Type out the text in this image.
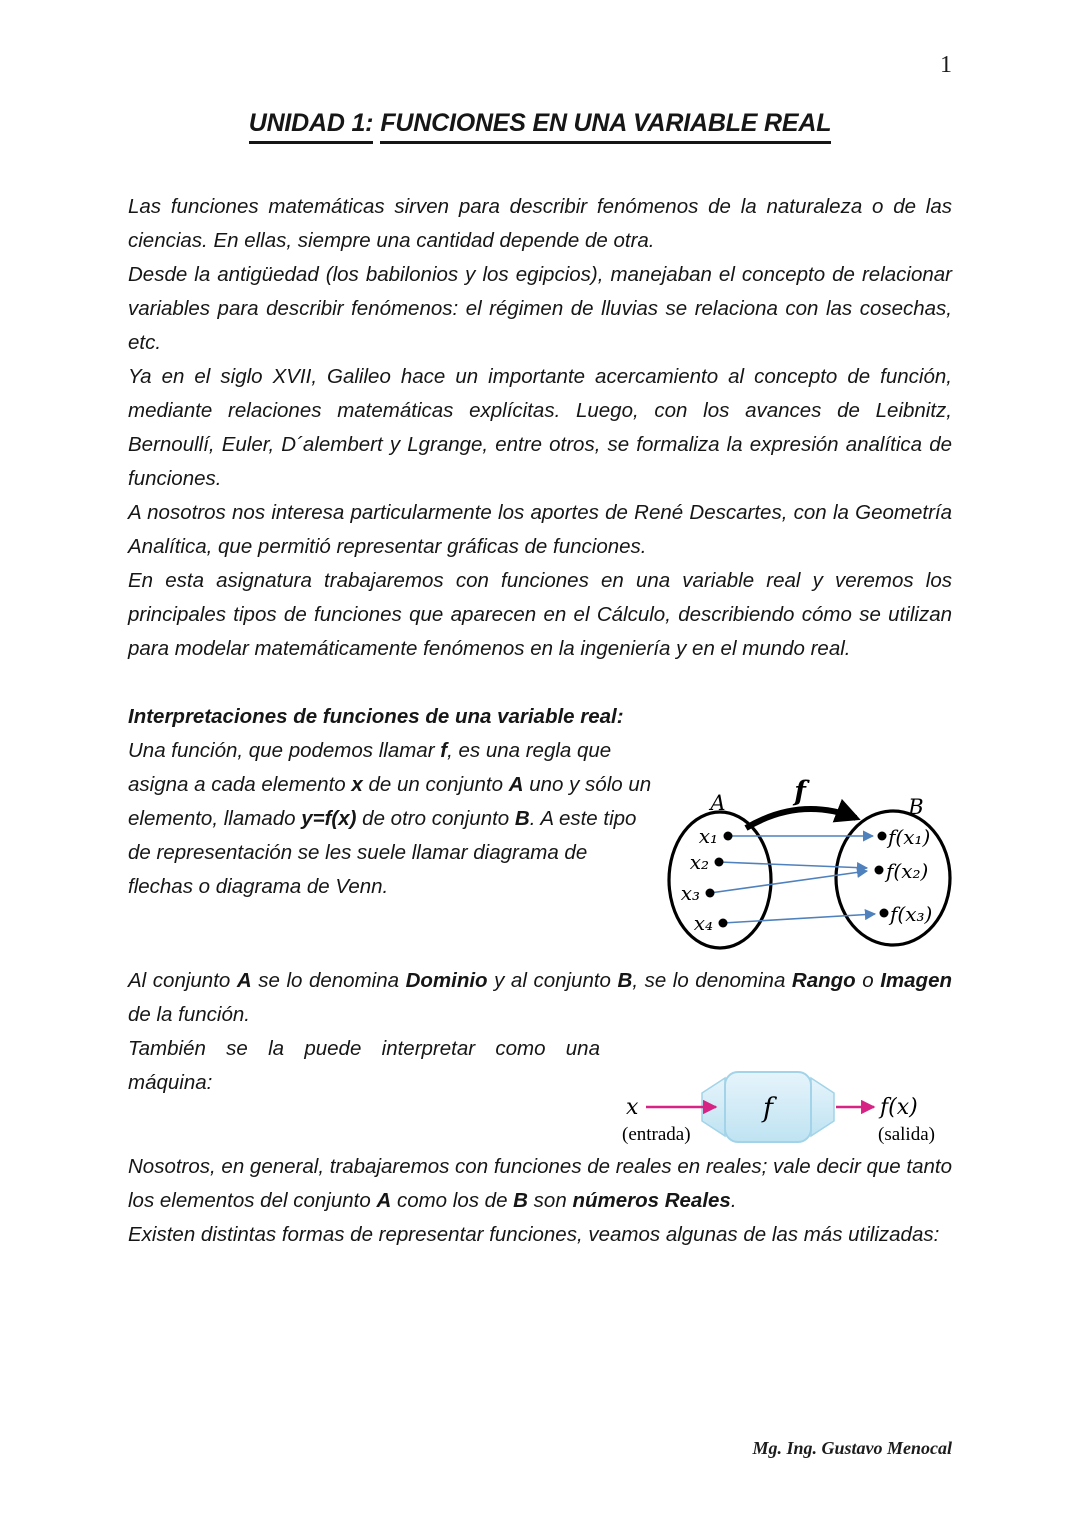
1
UNIDAD 1: FUNCIONES EN UNA VARIABLE REAL

Las funciones matemáticas sirven para describir fenómenos de la naturaleza o de las ciencias. En ellas, siempre una cantidad depende de otra.

Desde la antigüedad (los babilonios y los egipcios), manejaban el concepto de relacionar variables para describir fenómenos: el régimen de lluvias se relaciona con las cosechas, etc.

Ya en el siglo XVII, Galileo hace un importante acercamiento al concepto de función, mediante relaciones matemáticas explícitas. Luego, con los avances de Leibnitz, Bernoullí, Euler, D´alembert y Lgrange, entre otros, se formaliza la expresión analítica de funciones.

A nosotros nos interesa particularmente los aportes de René Descartes, con la Geometría Analítica, que permitió representar gráficas de funciones.

En esta asignatura trabajaremos con funciones en una variable real y veremos los principales tipos de funciones que aparecen en el Cálculo, describiendo cómo se utilizan para modelar matemáticamente fenómenos en la ingeniería y en el mundo real.

Interpretaciones de funciones de una variable real:
f
A	B
x₁
x₂
x₃
x₄
f(x₁)
f(x₂)
f(x₃)

Una función, que podemos llamar f, es una regla que asigna a cada elemento x de un conjunto A uno y sólo un elemento, llamado y=f(x) de otro conjunto B. A este tipo de representación se les suele llamar diagrama de flechas o diagrama de Venn.

Al conjunto A se lo denomina Dominio y al conjunto B, se lo denomina Rango o Imagen de la función.

x
(entrada)
f	f(x)
(salida)

También se la puede interpretar como una máquina:

Nosotros, en general, trabajaremos con funciones de reales en reales; vale decir que tanto los elementos del conjunto A como los de B son números Reales.

Existen distintas formas de representar funciones, veamos algunas de las más utilizadas:

Mg. Ing. Gustavo Menocal
